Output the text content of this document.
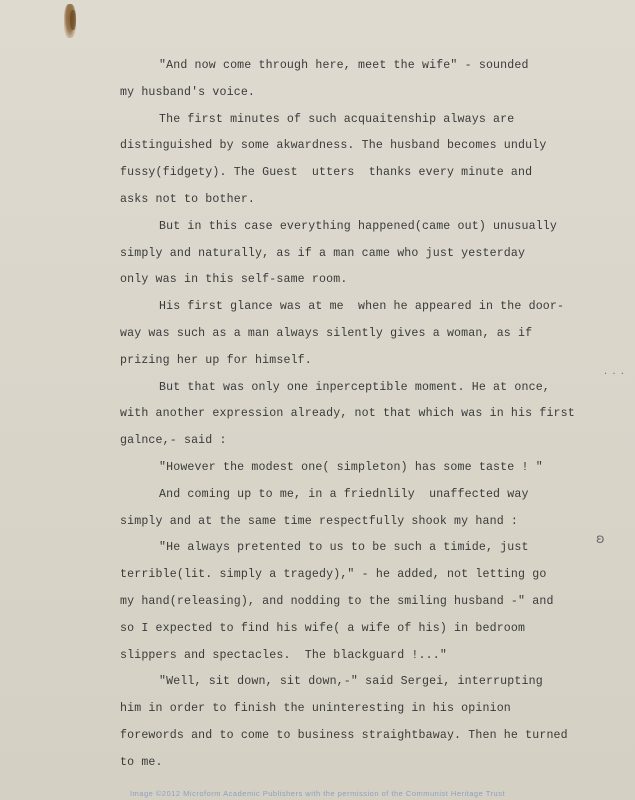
"And now come through here, meet the wife" - sounded
my husband's voice.
The first minutes of such acquaitenship always are
distinguished by some akwardness. The husband becomes unduly
fussy(fidgety). The Guest  utters  thanks every minute and
asks not to bother.
But in this case everything happened(came out) unusually
simply and naturally, as if a man came who just yesterday
only was in this self-same room.
His first glance was at me  when he appeared in the door-
way was such as a man always silently gives a woman, as if
prizing her up for himself.
But that was only one inperceptible moment. He at once,
with another expression already, not that which was in his first
galnce,- said :
"However the modest one( simpleton) has some taste ! "
And coming up to me, in a friednlily  unaffected way
simply and at the same time respectfully shook my hand :
"He always pretented to us to be such a timide, just
terrible(lit. simply a tragedy)," - he added, not letting go
my hand(releasing), and nodding to the smiling husband -" and
so I expected to find his wife( a wife of his) in bedroom
slippers and spectacles.  The blackguard !..."
"Well, sit down, sit down,-" said Sergei, interrupting
him in order to finish the uninteresting in his opinion
forewords and to come to business straightbaway. Then he turned
to me.
· · ·
ʚ
Image ©2012 Microform Academic Publishers with the permission of the Communist Heritage Trust
